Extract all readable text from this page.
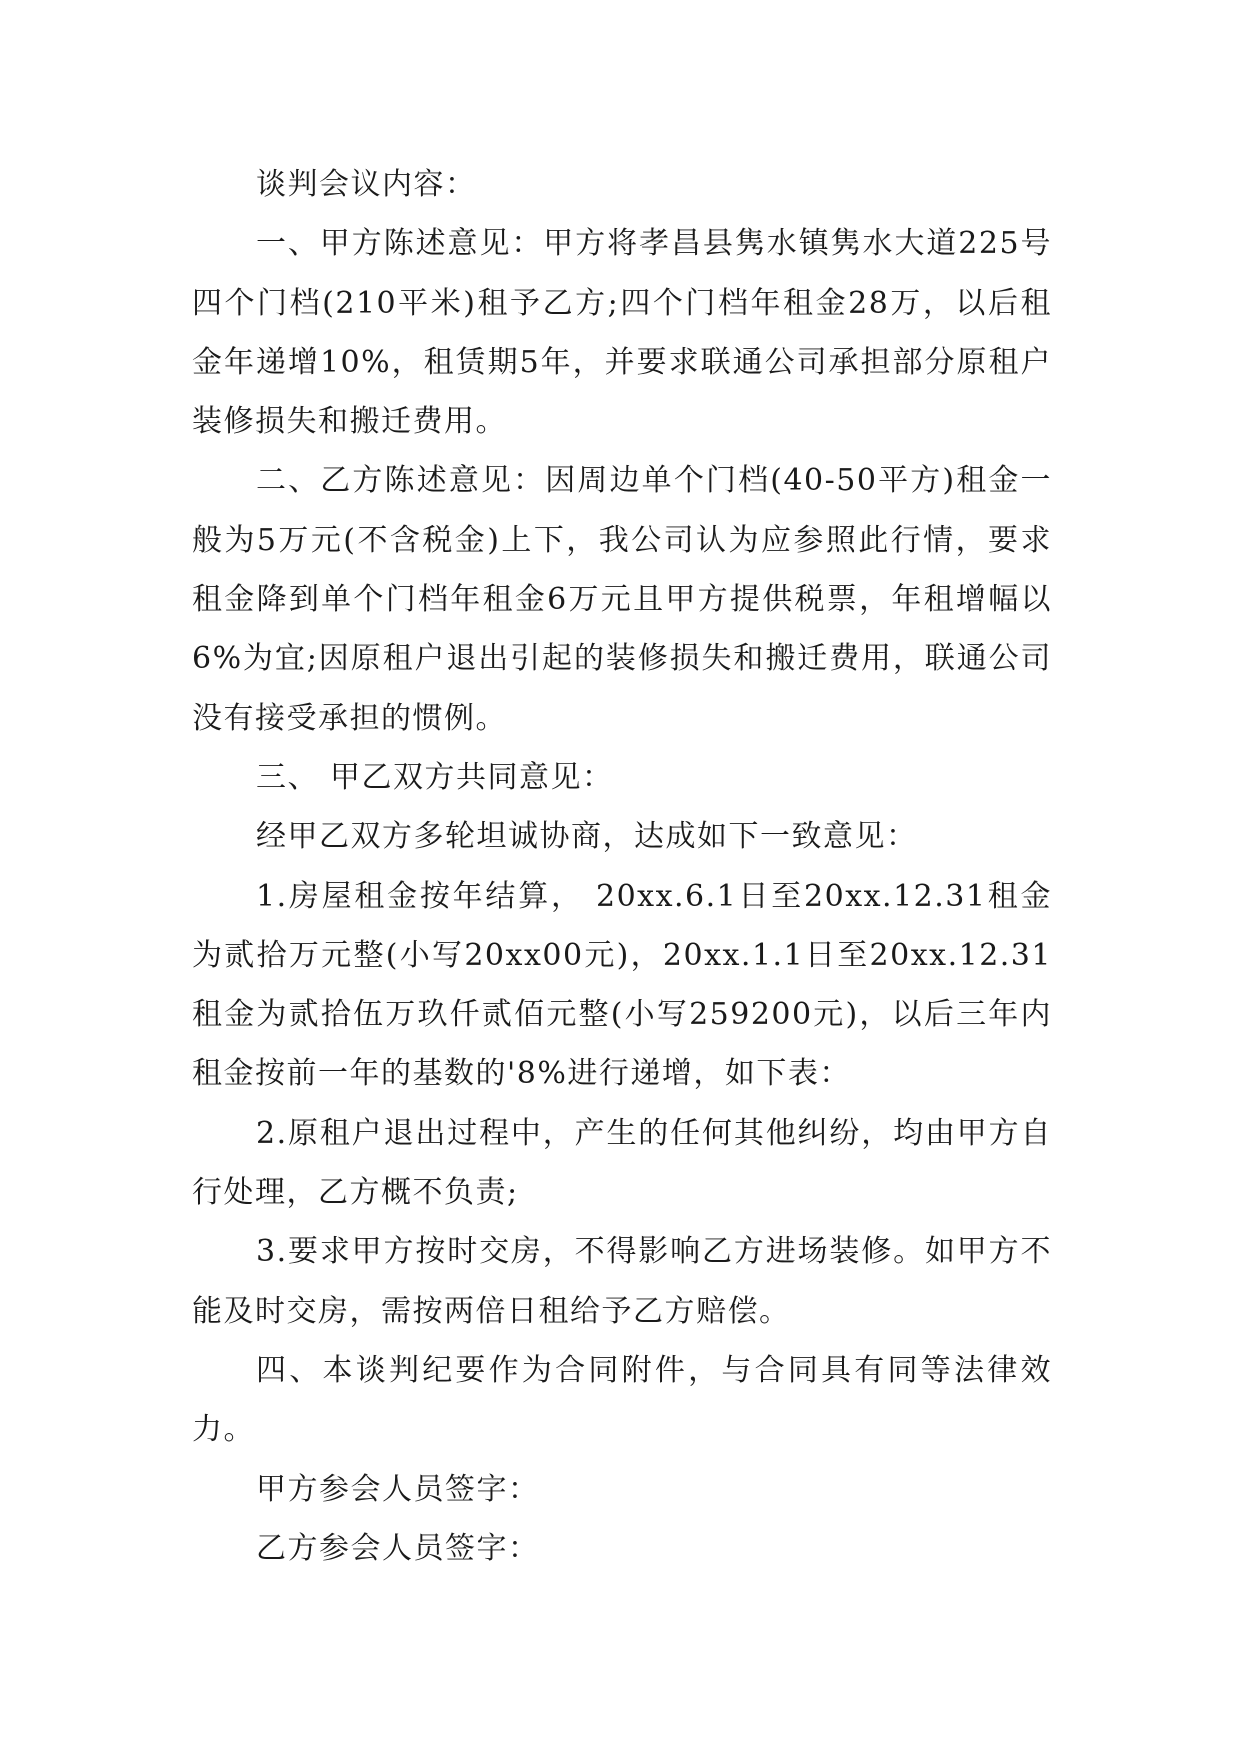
谈判会议内容：

一、甲方陈述意见：甲方将孝昌县隽水镇隽水大道225号四个门档(210平米)租予乙方;四个门档年租金28万，以后租金年递增10%，租赁期5年，并要求联通公司承担部分原租户装修损失和搬迁费用。

二、乙方陈述意见：因周边单个门档(40-50平方)租金一般为5万元(不含税金)上下，我公司认为应参照此行情，要求租金降到单个门档年租金6万元且甲方提供税票，年租增幅以6%为宜;因原租户退出引起的装修损失和搬迁费用，联通公司没有接受承担的惯例。

三、 甲乙双方共同意见：

经甲乙双方多轮坦诚协商，达成如下一致意见：

1.房屋租金按年结算， 20xx.6.1日至20xx.12.31租金为贰拾万元整(小写20xx00元)，20xx.1.1日至20xx.12.31租金为贰拾伍万玖仟贰佰元整(小写259200元)，以后三年内租金按前一年的基数的'8%进行递增，如下表：

2.原租户退出过程中，产生的任何其他纠纷，均由甲方自行处理，乙方概不负责;

3.要求甲方按时交房，不得影响乙方进场装修。如甲方不能及时交房，需按两倍日租给予乙方赔偿。

四、本谈判纪要作为合同附件，与合同具有同等法律效力。

甲方参会人员签字：

乙方参会人员签字：
